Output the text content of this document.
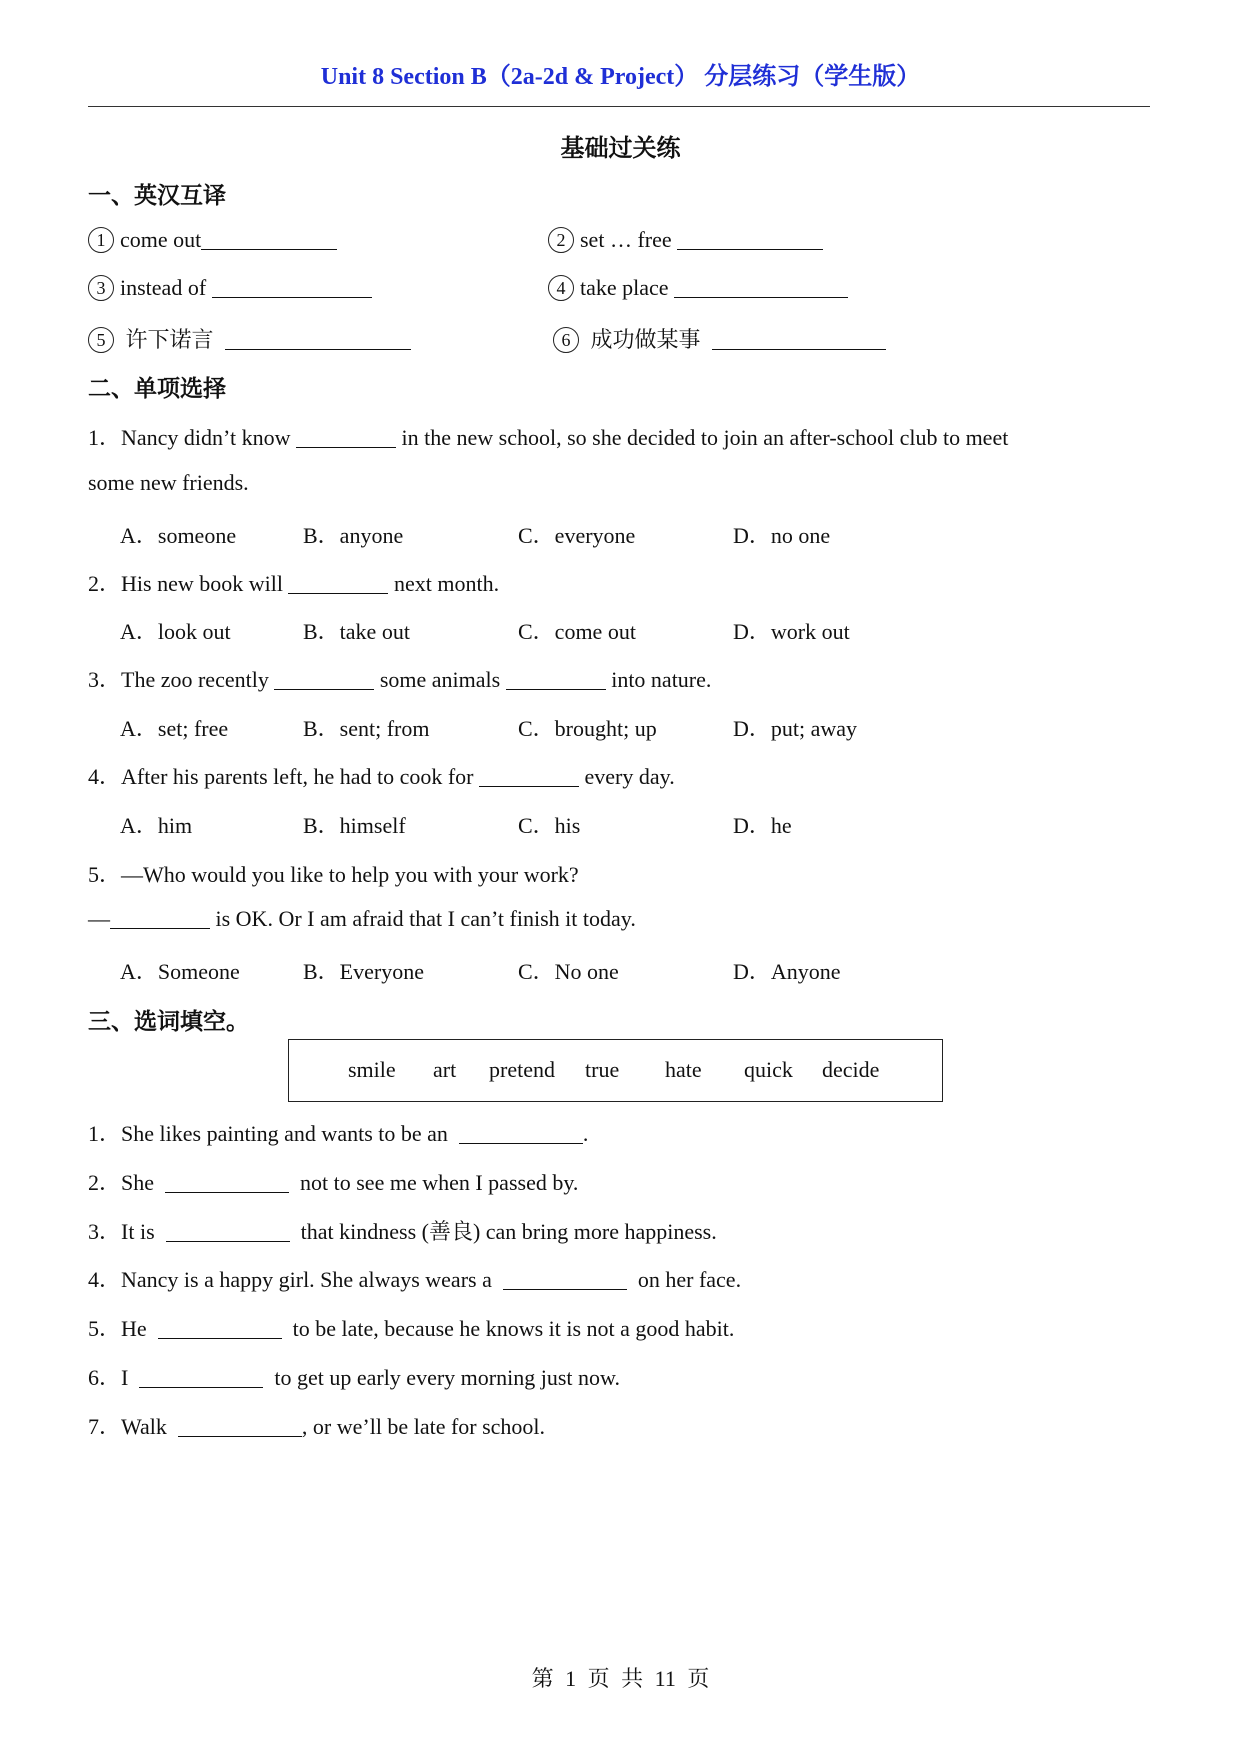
Unit 8 Section B（2a-2d & Project） 分层练习（学生版）
基础过关练
一、英汉互译
1 come out	2 set … free
3 instead of	4 take place
5 许下诺言	6 成功做某事
二、单项选择
1．Nancy didn’t know	in the new school, so she decided to join an after-school club to meet
some new friends.
A．someone	B．anyone	C．everyone	D．no one
2．His new book will	next month.
A．look out	B．take out	C．come out	D．work out
3．The zoo recently	some animals	into nature.
A．set; free	B．sent; from	C．brought; up	D．put; away
4．After his parents left, he had to cook for	every day.
A．him	B．himself	C．his	D．he
5．—Who would you like to help you with your work?
—	is OK. Or I am afraid that I can’t finish it today.
A．Someone	B．Everyone	C．No one	D．Anyone
三、选词填空。
smile art pretend true hate quick decide
1．She likes painting and wants to be an	.
2．She	not to see me when I passed by.
3．It is	that kindness (善良) can bring more happiness.
4．Nancy is a happy girl. She always wears a	on her face.
5．He	to be late, because he knows it is not a good habit.
6．I	to get up early every morning just now.
7．Walk	, or we’ll be late for school.
第 1 页 共 11 页
